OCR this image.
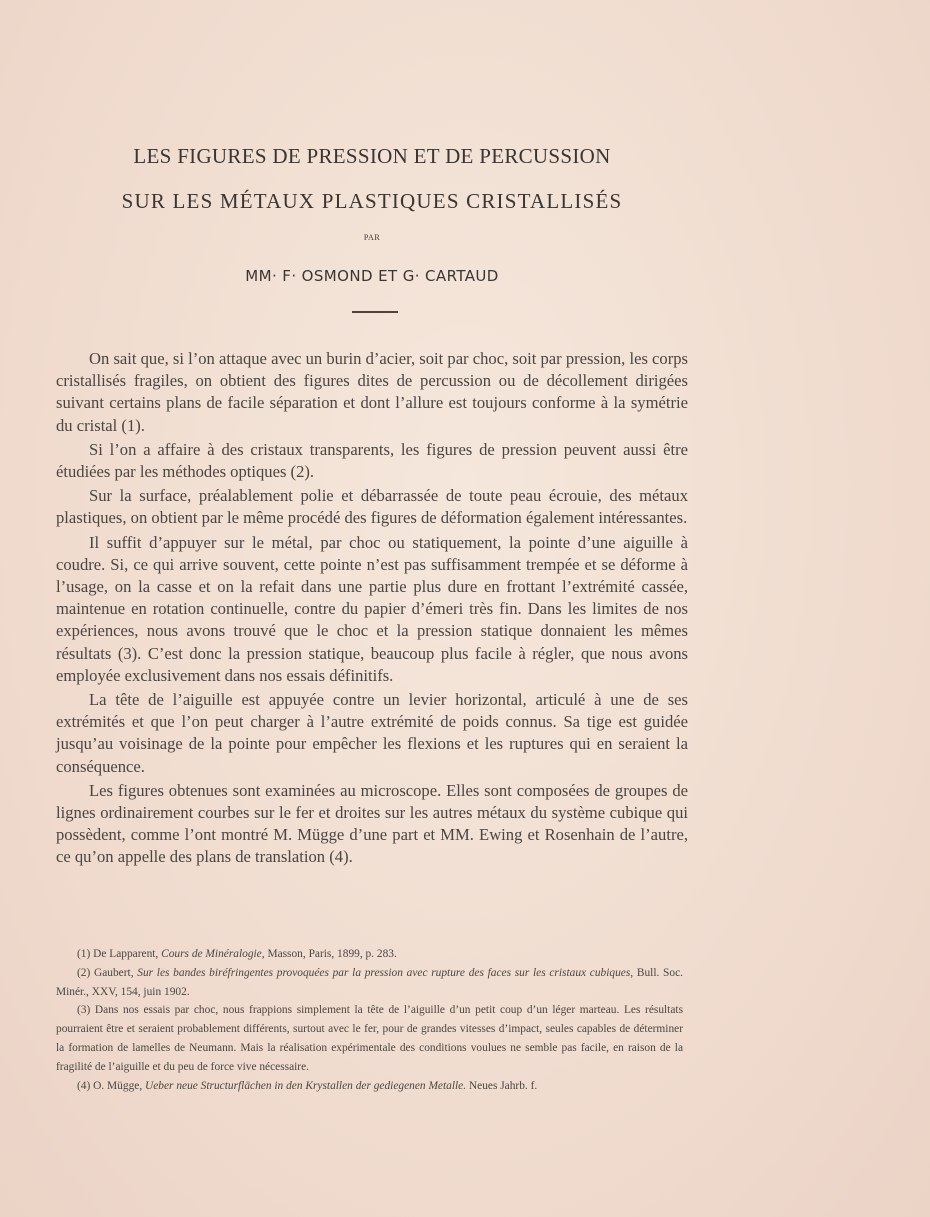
LES FIGURES DE PRESSION ET DE PERCUSSION
SUR LES MÉTAUX PLASTIQUES CRISTALLISÉS
PAR
MM· F· OSMOND ET G· CARTAUD

On sait que, si l’on attaque avec un burin d’acier, soit par choc, soit par pression, les corps cristallisés fragiles, on obtient des figures dites de percussion ou de décollement dirigées suivant certains plans de facile séparation et dont l’allure est toujours conforme à la symétrie du cristal (1).

Si l’on a affaire à des cristaux transparents, les figures de pression peuvent aussi être étudiées par les méthodes optiques (2).

Sur la surface, préalablement polie et débarrassée de toute peau écrouie, des métaux plastiques, on obtient par le même procédé des figures de déformation également intéressantes.

Il suffit d’appuyer sur le métal, par choc ou statiquement, la pointe d’une aiguille à coudre. Si, ce qui arrive souvent, cette pointe n’est pas suffisamment trempée et se déforme à l’usage, on la casse et on la refait dans une partie plus dure en frottant l’extrémité cassée, maintenue en rotation continuelle, contre du papier d’émeri très fin. Dans les limites de nos expériences, nous avons trouvé que le choc et la pression statique donnaient les mêmes résultats (3). C’est donc la pression statique, beaucoup plus facile à régler, que nous avons employée exclusivement dans nos essais définitifs.

La tête de l’aiguille est appuyée contre un levier horizontal, articulé à une de ses extrémités et que l’on peut charger à l’autre extrémité de poids connus. Sa tige est guidée jusqu’au voisinage de la pointe pour empêcher les flexions et les ruptures qui en seraient la conséquence.

Les figures obtenues sont examinées au microscope. Elles sont composées de groupes de lignes ordinairement courbes sur le fer et droites sur les autres métaux du système cubique qui possèdent, comme l’ont montré M. Mügge d’une part et MM. Ewing et Rosenhain de l’autre, ce qu’on appelle des plans de translation (4).

(1) De Lapparent, Cours de Minéralogie, Masson, Paris, 1899, p. 283.

(2) Gaubert, Sur les bandes biréfringentes provoquées par la pression avec rupture des faces sur les cristaux cubiques, Bull. Soc. Minér., XXV, 154, juin 1902.

(3) Dans nos essais par choc, nous frappions simplement la tête de l’aiguille d’un petit coup d’un léger marteau. Les résultats pourraient être et seraient probablement différents, surtout avec le fer, pour de grandes vitesses d’impact, seules capables de déterminer la formation de lamelles de Neumann. Mais la réalisation expérimentale des conditions voulues ne semble pas facile, en raison de la fragilité de l’aiguille et du peu de force vive nécessaire.

(4) O. Mügge, Ueber neue Structurflächen in den Krystallen der gediegenen Metalle. Neues Jahrb. f.
